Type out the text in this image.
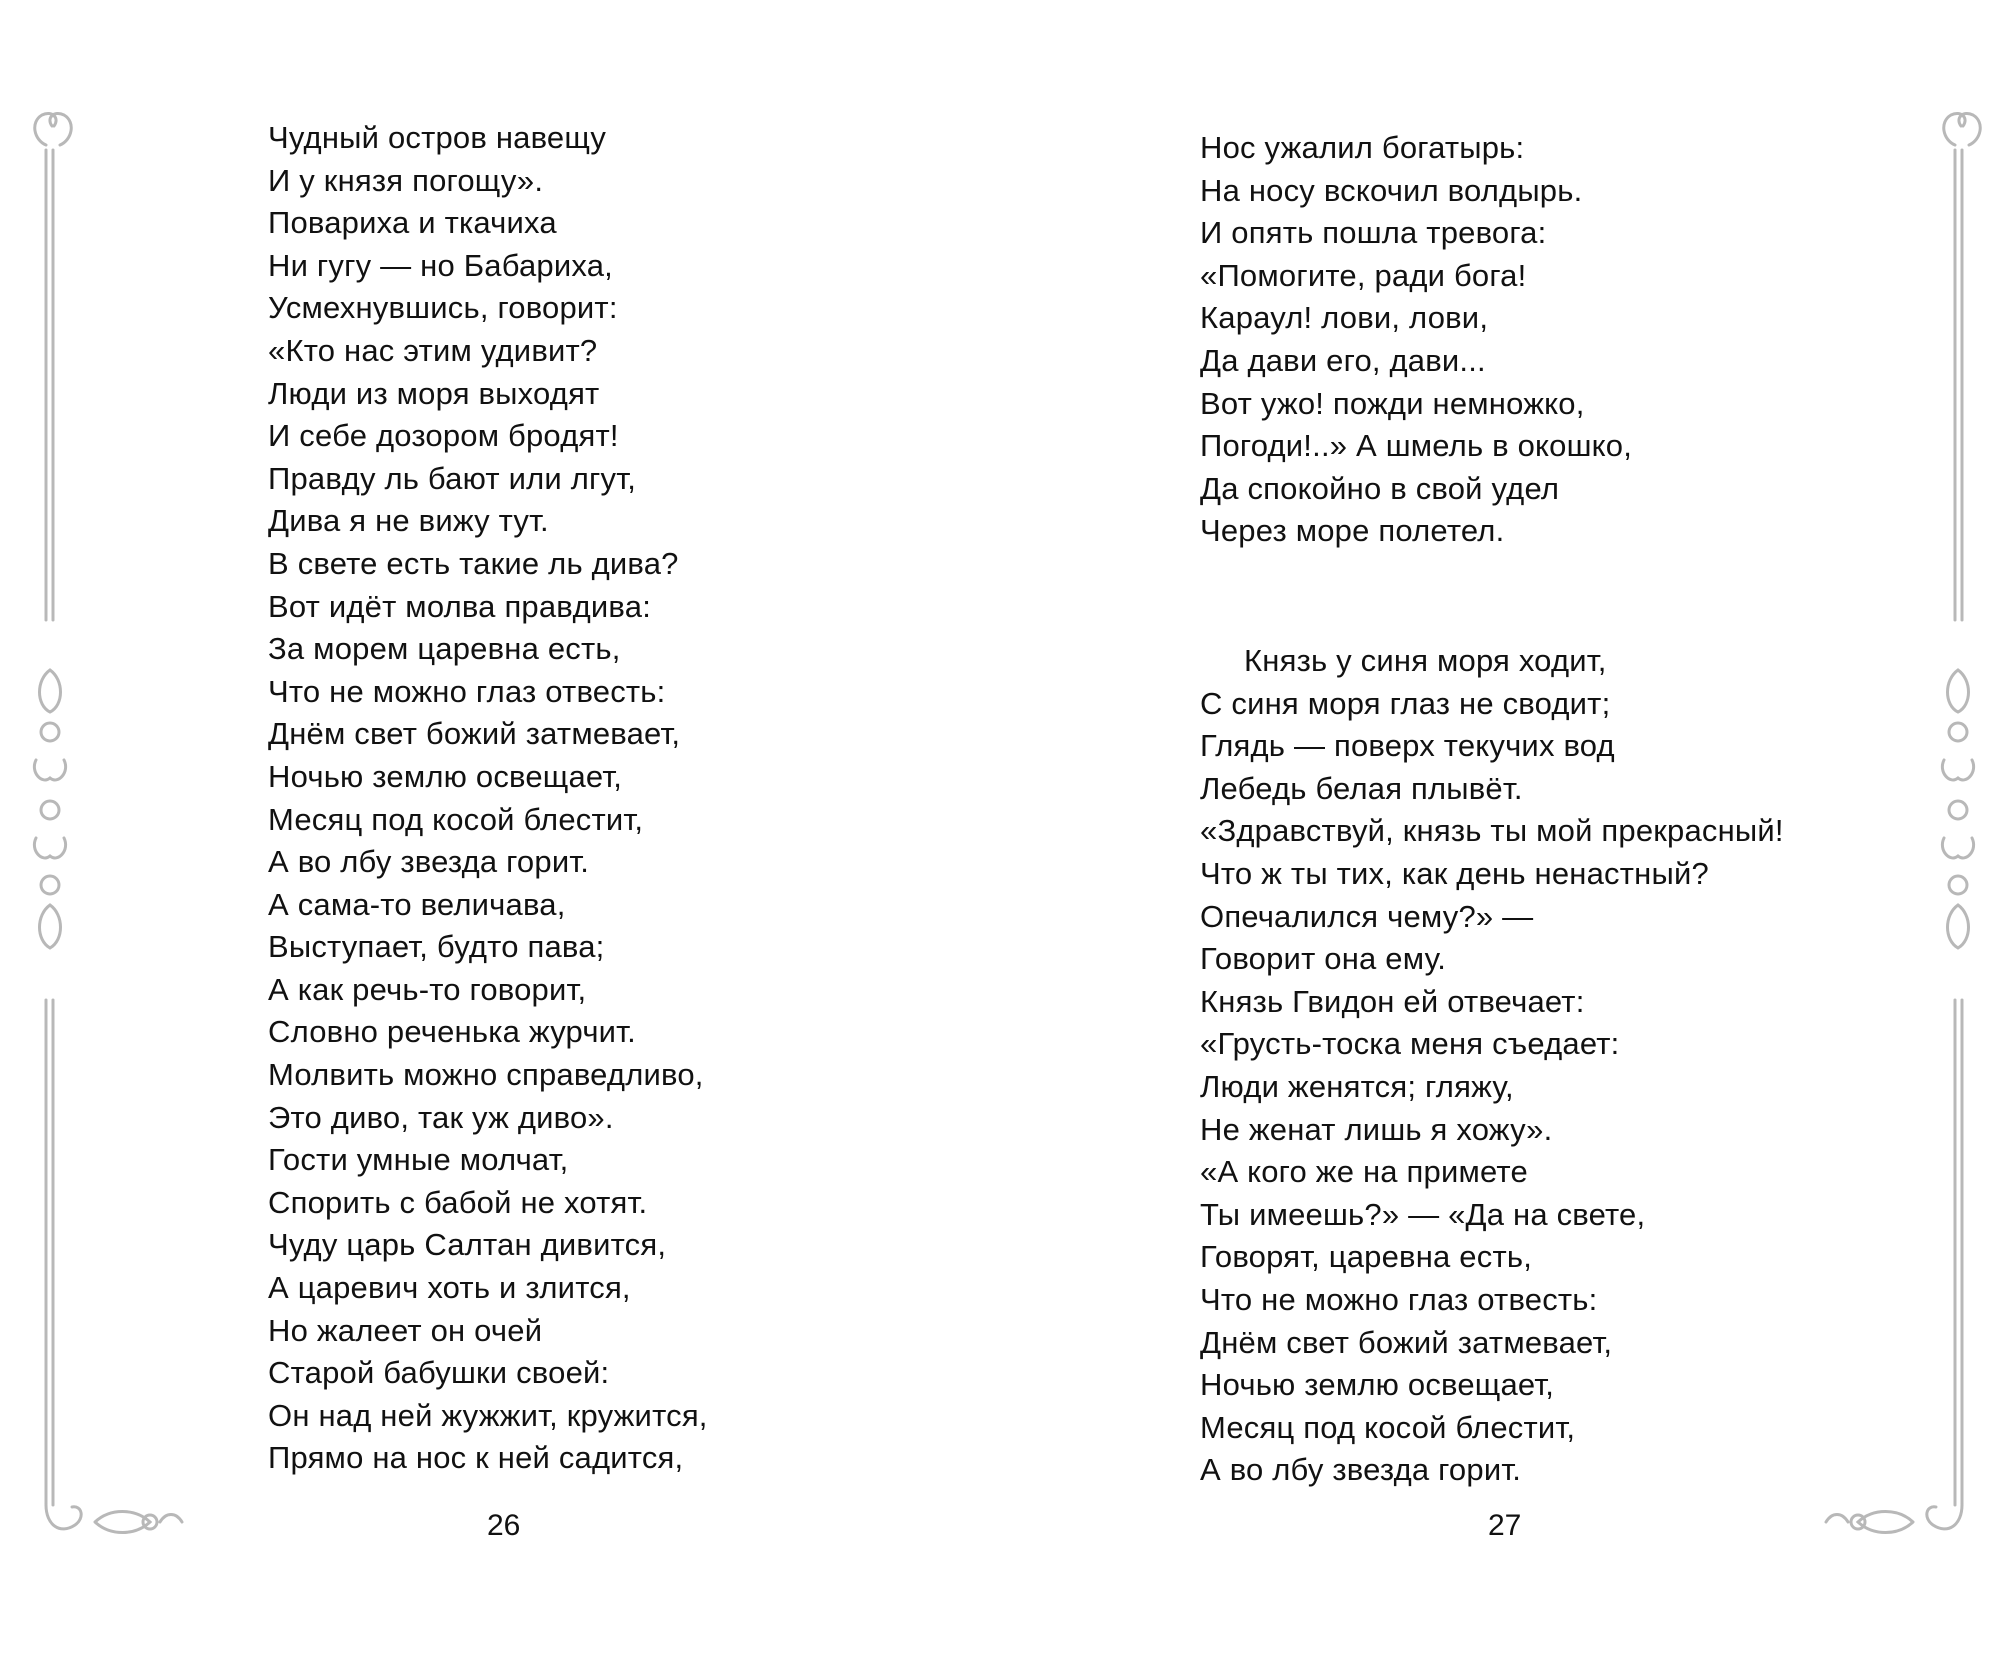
Чудный остров навещу
И у князя погощу».
Повариха и ткачиха
Ни гугу — но Бабариха,
Усмехнувшись, говорит:
«Кто нас этим удивит?
Люди из моря выходят
И себе дозором бродят!
Правду ль бают или лгут,
Дива я не вижу тут.
В свете есть такие ль дива?
Вот идёт молва правдива:
За морем царевна есть,
Что не можно глаз отвесть:
Днём свет божий затмевает,
Ночью землю освещает,
Месяц под косой блестит,
А во лбу звезда горит.
А сама-то величава,
Выступает, будто пава;
А как речь-то говорит,
Словно реченька журчит.
Молвить можно справедливо,
Это диво, так уж диво».
Гости умные молчат,
Спорить с бабой не хотят.
Чуду царь Салтан дивится,
А царевич хоть и злится,
Но жалеет он очей
Старой бабушки своей:
Он над ней жужжит, кружится,
Прямо на нос к ней садится,
26
Нос ужалил богатырь:
На носу вскочил волдырь.
И опять пошла тревога:
«Помогите, ради бога!
Караул! лови, лови,
Да дави его, дави...
Вот ужо! пожди немножко,
Погоди!..» А шмель в окошко,
Да спокойно в свой удел
Через море полетел.
Князь у синя моря ходит,
С синя моря глаз не сводит;
Глядь — поверх текучих вод
Лебедь белая плывёт.
«Здравствуй, князь ты мой прекрасный!
Что ж ты тих, как день ненастный?
Опечалился чему?» —
Говорит она ему.
Князь Гвидон ей отвечает:
«Грусть-тоска меня съедает:
Люди женятся; гляжу,
Не женат лишь я хожу».
«А кого же на примете
Ты имеешь?» — «Да на свете,
Говорят, царевна есть,
Что не можно глаз отвесть:
Днём свет божий затмевает,
Ночью землю освещает,
Месяц под косой блестит,
А во лбу звезда горит.
27
